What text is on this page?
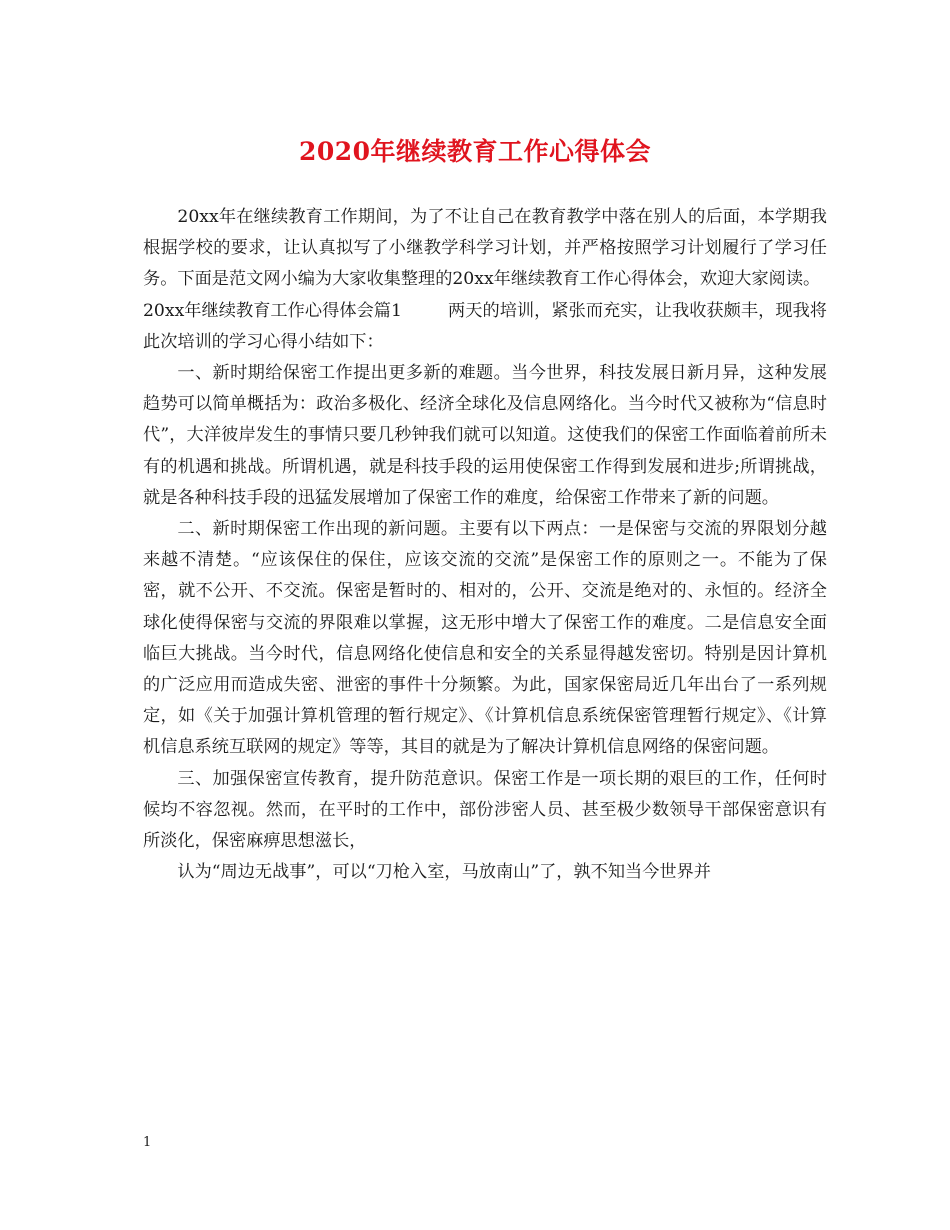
2020年继续教育工作心得体会

20xx年在继续教育工作期间，为了不让自己在教育教学中落在别人的后面，本学期我根据学校的要求，让认真拟写了小继教学科学习计划，并严格按照学习计划履行了学习任务。下面是范文网小编为大家收集整理的20xx年继续教育工作心得体会，欢迎大家阅读。

20xx年继续教育工作心得体会篇1	两天的培训，紧张而充实，让我收获颇丰，现我将此次培训的学习心得小结如下：

一、新时期给保密工作提出更多新的难题。当今世界，科技发展日新月异，这种发展趋势可以简单概括为：政治多极化、经济全球化及信息网络化。当今时代又被称为“信息时代”，大洋彼岸发生的事情只要几秒钟我们就可以知道。这使我们的保密工作面临着前所未有的机遇和挑战。所谓机遇，就是科技手段的运用使保密工作得到发展和进步;所谓挑战，就是各种科技手段的迅猛发展增加了保密工作的难度，给保密工作带来了新的问题。

二、新时期保密工作出现的新问题。主要有以下两点：一是保密与交流的界限划分越来越不清楚。“应该保住的保住，应该交流的交流”是保密工作的原则之一。不能为了保密，就不公开、不交流。保密是暂时的、相对的，公开、交流是绝对的、永恒的。经济全球化使得保密与交流的界限难以掌握，这无形中增大了保密工作的难度。二是信息安全面临巨大挑战。当今时代，信息网络化使信息和安全的关系显得越发密切。特别是因计算机的广泛应用而造成失密、泄密的事件十分频繁。为此，国家保密局近几年出台了一系列规定，如《关于加强计算机管理的暂行规定》、《计算机信息系统保密管理暂行规定》、《计算机信息系统互联网的规定》等等，其目的就是为了解决计算机信息网络的保密问题。

三、加强保密宣传教育，提升防范意识。保密工作是一项长期的艰巨的工作，任何时候均不容忽视。然而，在平时的工作中，部份涉密人员、甚至极少数领导干部保密意识有所淡化，保密麻痹思想滋长，

认为“周边无战事”，可以“刀枪入室，马放南山”了，孰不知当今世界并

1
